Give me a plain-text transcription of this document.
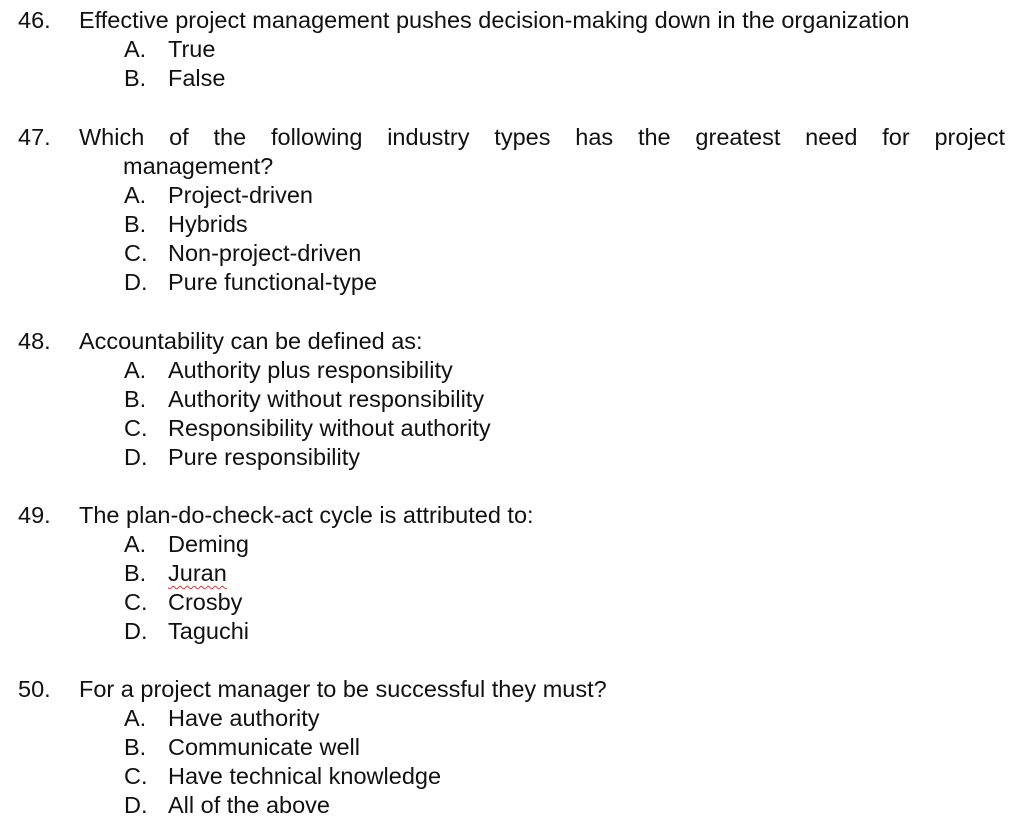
46. Effective project management pushes decision-making down in the organization
A. True
B. False
47. Which of the following industry types has the greatest need for project
management?
A. Project-driven
B. Hybrids
C. Non-project-driven
D. Pure functional-type
48. Accountability can be defined as:
A. Authority plus responsibility
B. Authority without responsibility
C. Responsibility without authority
D. Pure responsibility
49. The plan-do-check-act cycle is attributed to:
A. Deming
B. Juran
C. Crosby
D. Taguchi
50. For a project manager to be successful they must?
A. Have authority
B. Communicate well
C. Have technical knowledge
D. All of the above
